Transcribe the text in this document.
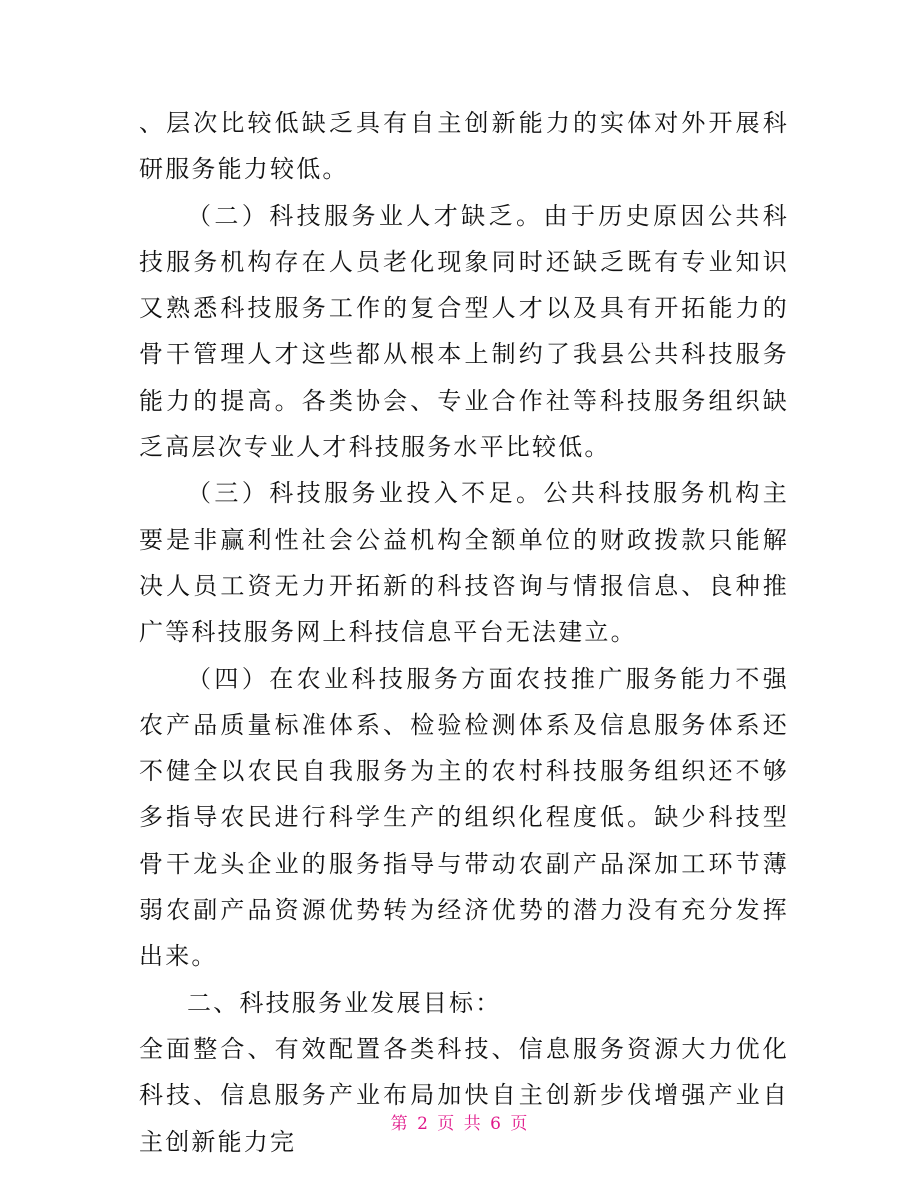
、层次比较低缺乏具有自主创新能力的实体对外开展科研服务能力较低。

（二）科技服务业人才缺乏。由于历史原因公共科技服务机构存在人员老化现象同时还缺乏既有专业知识又熟悉科技服务工作的复合型人才以及具有开拓能力的骨干管理人才这些都从根本上制约了我县公共科技服务能力的提高。各类协会、专业合作社等科技服务组织缺乏高层次专业人才科技服务水平比较低。

（三）科技服务业投入不足。公共科技服务机构主要是非赢利性社会公益机构全额单位的财政拨款只能解决人员工资无力开拓新的科技咨询与情报信息、良种推广等科技服务网上科技信息平台无法建立。

（四）在农业科技服务方面农技推广服务能力不强农产品质量标准体系、检验检测体系及信息服务体系还不健全以农民自我服务为主的农村科技服务组织还不够多指导农民进行科学生产的组织化程度低。缺少科技型骨干龙头企业的服务指导与带动农副产品深加工环节薄弱农副产品资源优势转为经济优势的潜力没有充分发挥出来。

二、科技服务业发展目标：

全面整合、有效配置各类科技、信息服务资源大力优化科技、信息服务产业布局加快自主创新步伐增强产业自主创新能力完

第 2 页 共 6 页
